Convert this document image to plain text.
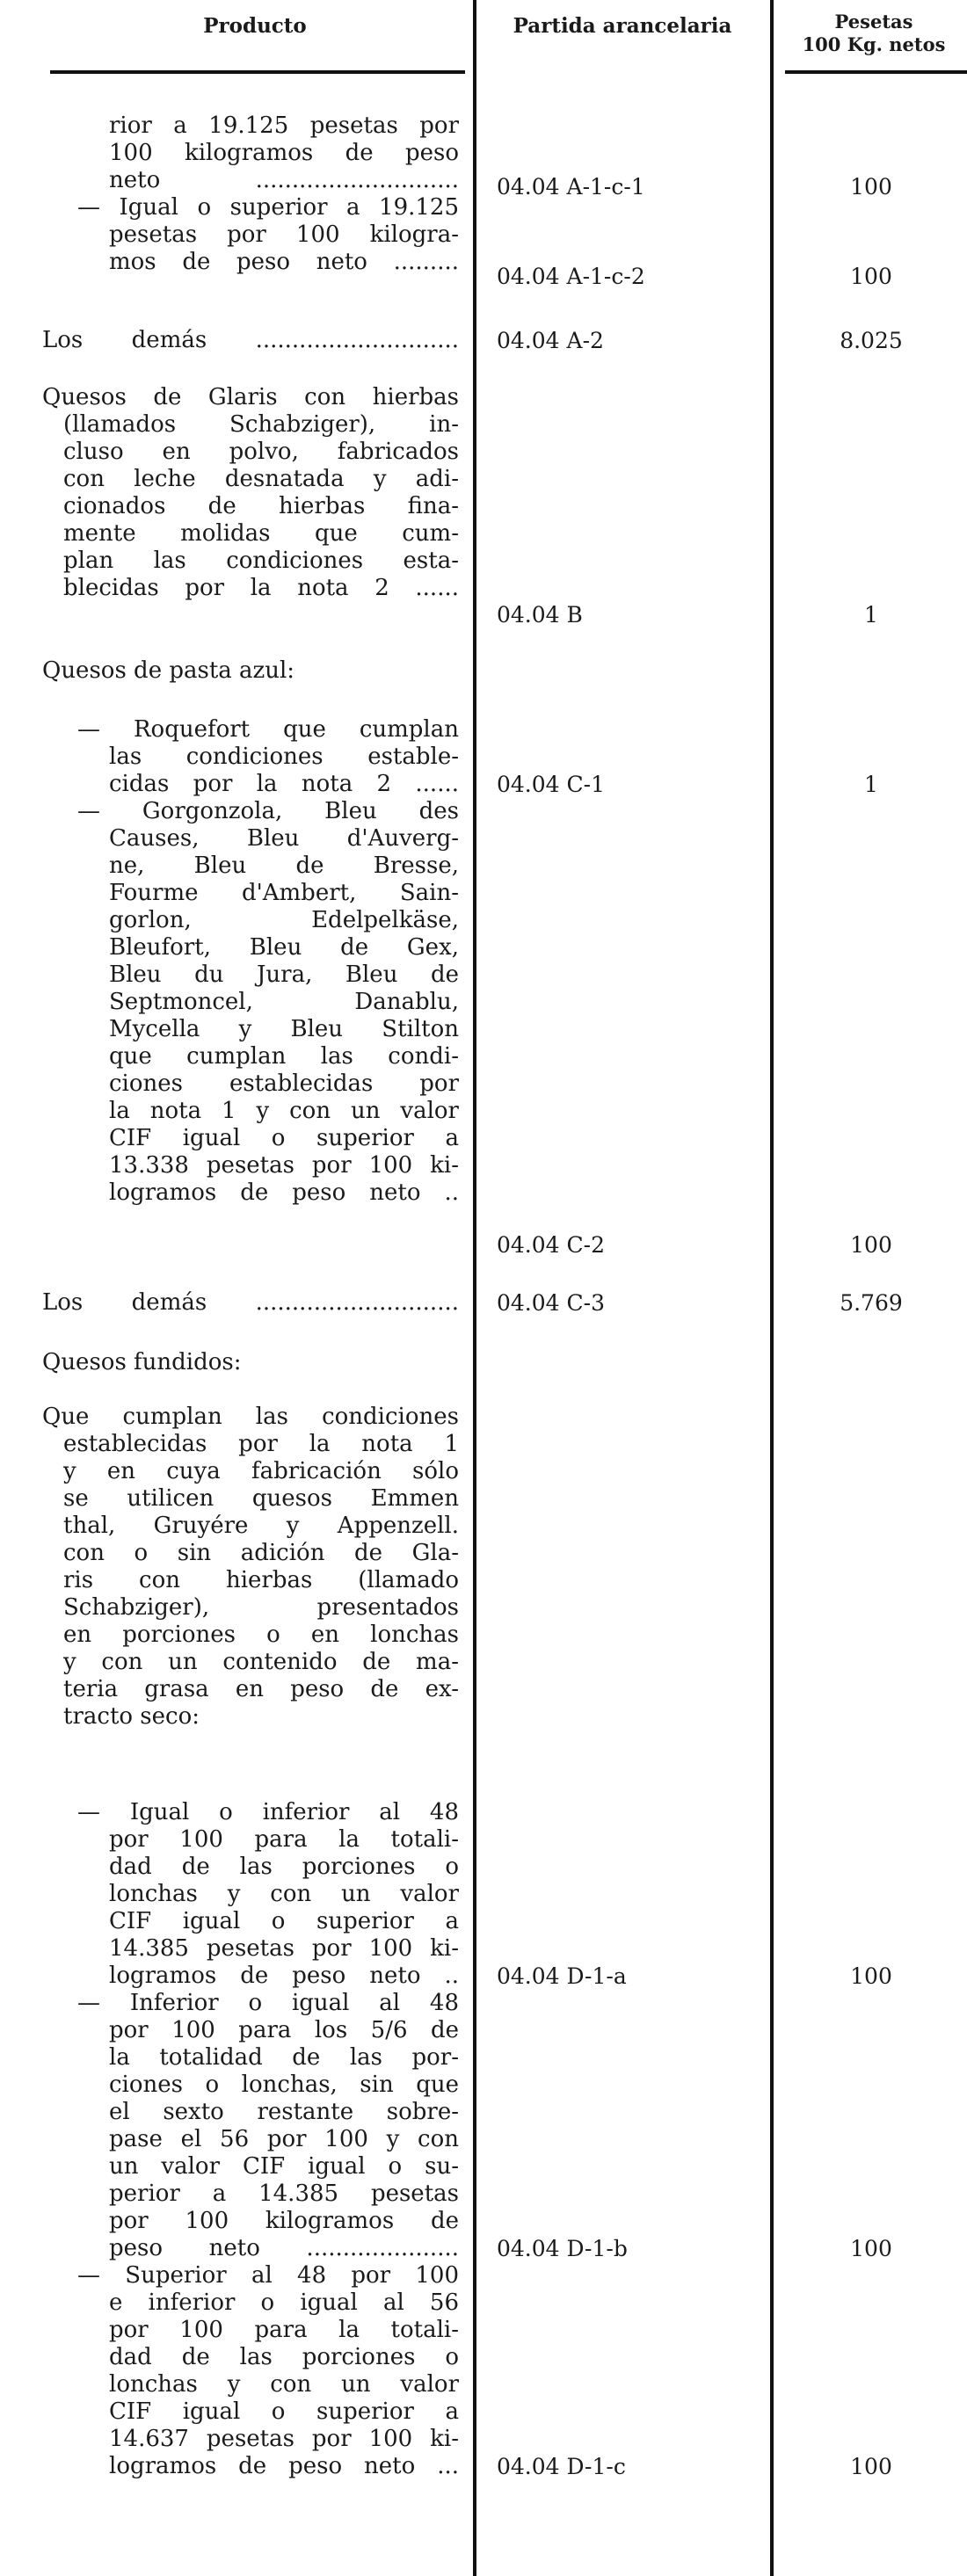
Producto	Partida arancelaria	Pesetas
100 Kg. netos
rior a 19.125 pesetas por
100 kilogramos de peso
neto ............................ 04.04 A-1-c-1	100
— Igual o superior a 19.125
pesetas por 100 kilogra-
mos de peso neto .........
04.04 A-1-c-2	100
Los demás ............................ 04.04 A-2	8.025
Quesos de Glaris con hierbas
(llamados Schabziger), in-
cluso en polvo, fabricados
con leche desnatada y adi-
cionados de hierbas fina-
mente molidas que cum-
plan las condiciones esta-
blecidas por la nota 2 ......
04.04 B	1
Quesos de pasta azul:
— Roquefort que cumplan
las condiciones estable-
cidas por la nota 2 ...... 04.04 C-1	1
— Gorgonzola, Bleu des
Causes, Bleu d'Auverg-
ne, Bleu de Bresse,
Fourme d'Ambert, Sain-
gorlon, Edelpelkäse,
Bleufort, Bleu de Gex,
Bleu du Jura, Bleu de
Septmoncel, Danablu,
Mycella y Bleu Stilton
que cumplan las condi-
ciones establecidas por
la nota 1 y con un valor
CIF igual o superior a
13.338 pesetas por 100 ki-
logramos de peso neto ..
04.04 C-2	100
Los demás ............................ 04.04 C-3	5.769
Quesos fundidos:
Que cumplan las condiciones
establecidas por la nota 1
y en cuya fabricación sólo
se utilicen quesos Emmen
thal, Gruyére y Appenzell.
con o sin adición de Gla-
ris con hierbas (llamado
Schabziger), presentados
en porciones o en lonchas
y con un contenido de ma-
teria grasa en peso de ex-
tracto seco:
— Igual o inferior al 48
por 100 para la totali-
dad de las porciones o
lonchas y con un valor
CIF igual o superior a
14.385 pesetas por 100 ki-
logramos de peso neto .. 04.04 D-1-a	100
— Inferior o igual al 48
por 100 para los 5/6 de
la totalidad de las por-
ciones o lonchas, sin que
el sexto restante sobre-
pase el 56 por 100 y con
un valor CIF igual o su-
perior a 14.385 pesetas
por 100 kilogramos de
peso neto ..................... 04.04 D-1-b	100
— Superior al 48 por 100
e inferior o igual al 56
por 100 para la totali-
dad de las porciones o
lonchas y con un valor
CIF igual o superior a
14.637 pesetas por 100 ki-
logramos de peso neto ... 04.04 D-1-c	100
